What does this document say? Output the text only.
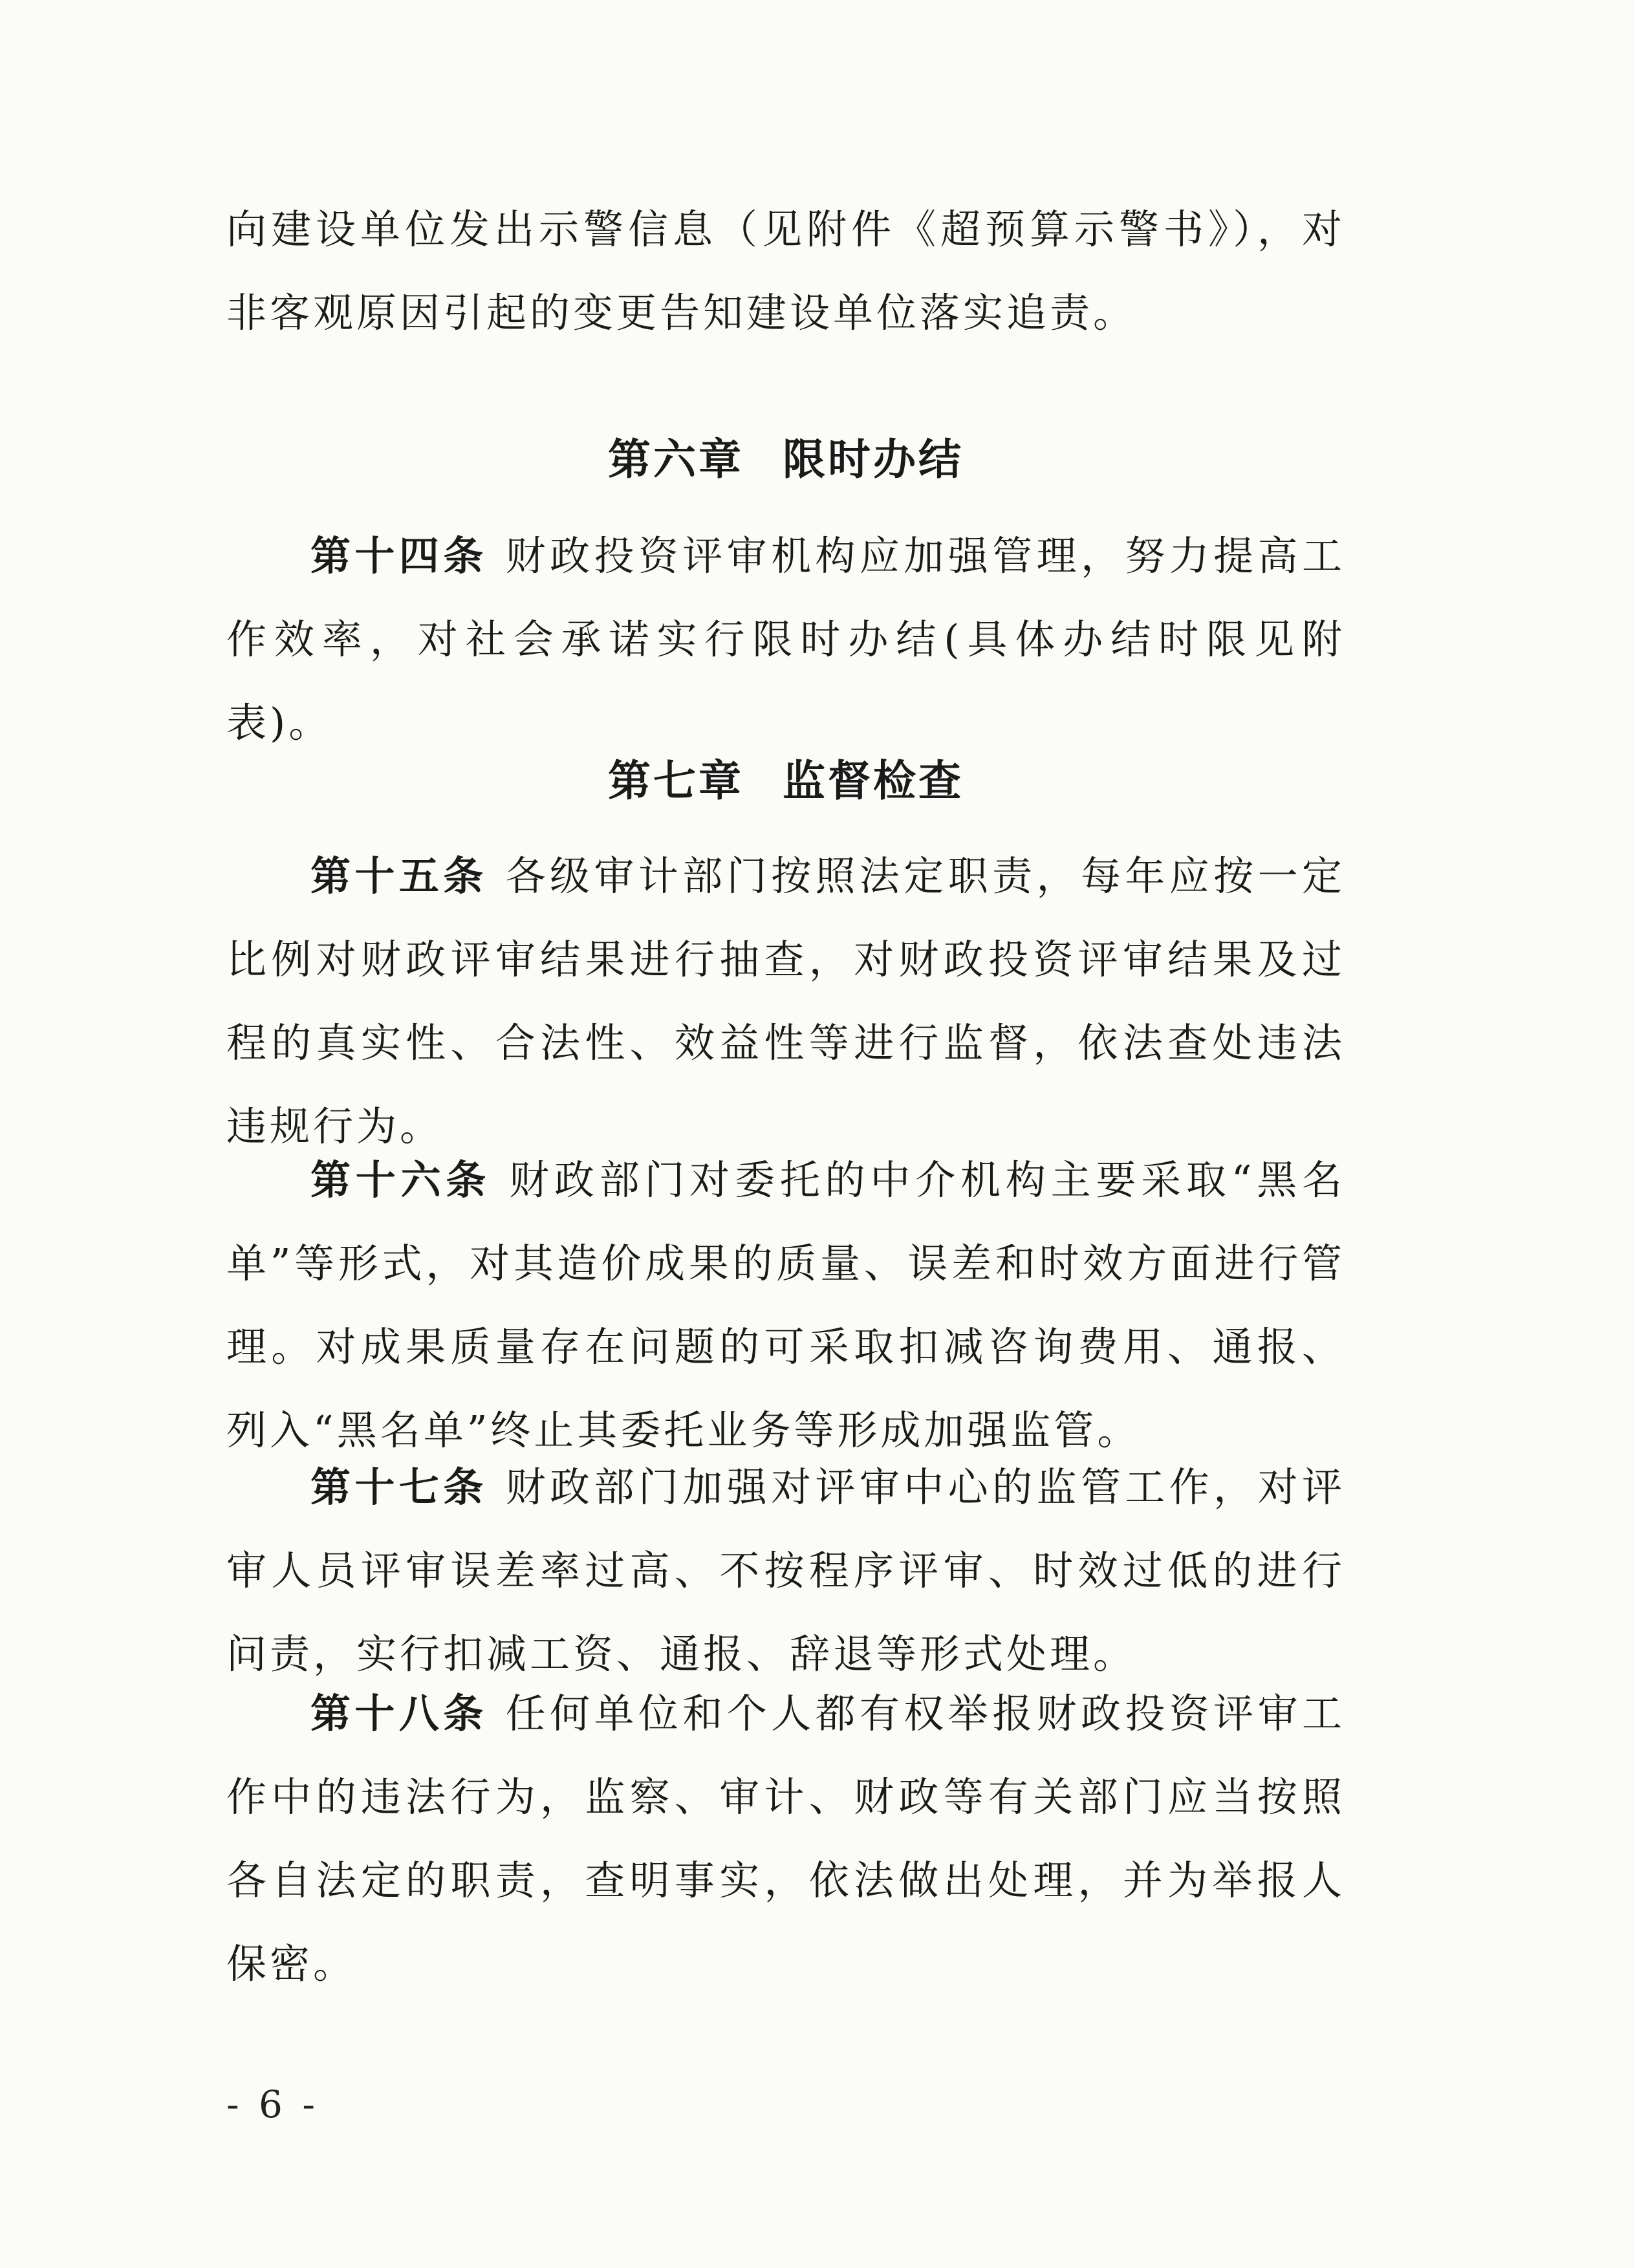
向建设单位发出示警信息（见附件《超预算示警书》），对非客观原因引起的变更告知建设单位落实追责。

第六章 限时办结

第十四条 财政投资评审机构应加强管理，努力提高工作效率，对社会承诺实行限时办结(具体办结时限见附表)。

第七章 监督检查

第十五条 各级审计部门按照法定职责，每年应按一定比例对财政评审结果进行抽查，对财政投资评审结果及过程的真实性、合法性、效益性等进行监督，依法查处违法违规行为。

第十六条 财政部门对委托的中介机构主要采取“黑名单”等形式，对其造价成果的质量、误差和时效方面进行管理。对成果质量存在问题的可采取扣减咨询费用、通报、列入“黑名单”终止其委托业务等形成加强监管。

第十七条 财政部门加强对评审中心的监管工作，对评审人员评审误差率过高、不按程序评审、时效过低的进行问责，实行扣减工资、通报、辞退等形式处理。

第十八条 任何单位和个人都有权举报财政投资评审工作中的违法行为，监察、审计、财政等有关部门应当按照各自法定的职责，查明事实，依法做出处理，并为举报人保密。

- 6 -
